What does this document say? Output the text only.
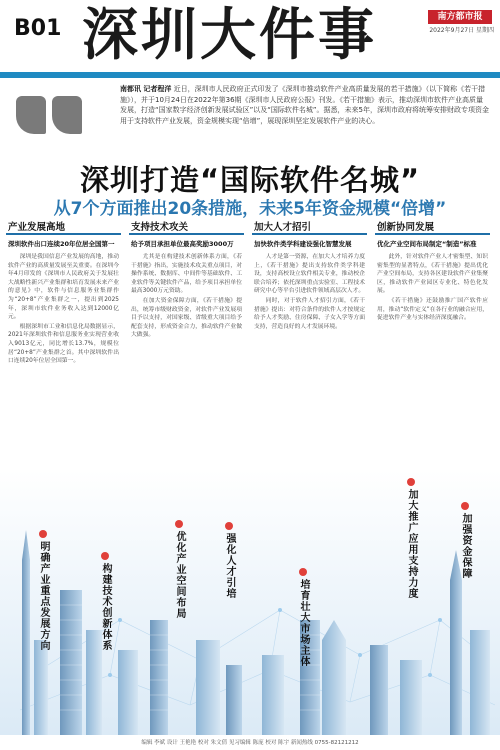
B01 深圳大件事	南方都市报
2022年9月27日 星期四
南都讯 记者程洋 近日，深圳市人民政府正式印发了《深圳市推动软件产业高质量发展的若干措施》（以下简称《若干措施》），并于10月24日在2022年第36期《深圳市人民政府公报》刊发。《若干措施》表示，推动深圳市软件产业高质量发展，打造“国家数字经济创新发展试验区”以及“国际软件名城”。据悉，未来5年，深圳市政府将统筹安排财政专项资金用于支持软件产业发展，资金规模实现“倍增”，展现深圳坚定发展软件产业的决心。
深圳打造“国际软件名城”
从7个方面推出20条措施，未来5年资金规模“倍增”
产业发展高地
深圳软件出口连续20年位居全国第一

深圳是我国信息产业发展的高地，推动软件产业的高质量发展至关重要。在深圳今年4月印发的《深圳市人民政府关于发展壮大战略性新兴产业集群和培育发展未来产业的意见》中，软件与信息服务业集群作为“20+8”产业集群之一，提出到2025年，深圳市软件业务收入达到12000亿元。

根据深圳市工业和信息化局数据显示，2021年深圳软件和信息服务业实现营业收入9013亿元，同比增长13.7%，规模位居“20+8”产业集群之首。其中深圳软件出口连续20年位居全国第一。

支持技术攻关
给予项目承担单位最高奖励3000万

尤其是在构建技术创新体系方面，《若干措施》指出，实施技术攻关重点项目，对操作系统、数据库、中间件等基础软件、工业软件等关键软件产品，给予项目承担单位最高3000万元资助。

在加大资金保障方面，《若干措施》提出，统筹市级财政资金，对软件产业发展项目予以支持，对国家级、省级重大项目给予配套支持，形成资金合力，推动软件产业做大做强。

加大人才招引
加快软件类学科建设强化智慧发展

人才是第一资源，在加大人才培养力度上，《若干措施》提出支持软件类学科建设，支持高校设立软件相关专业，推动校企联合培养；依托深圳重点实验室、工程技术研究中心等平台引进软件领域高层次人才。

同时，对于软件人才招引方面，《若干措施》提出：对符合条件的软件人才按规定给予人才奖励、住房保障、子女入学等方面支持，营造良好的人才发展环境。

创新协同发展
优化产业空间布局制定“制造”标准

此外，针对软件产业人才密集型、知识密集型的显著特点，《若干措施》提出优化产业空间布局，支持各区建设软件产业集聚区，推动软件产业园区专业化、特色化发展。

《若干措施》还鼓励推广国产软件应用，推动“软件定义”在各行业的融合应用，促进软件产业与实体经济深度融合。

明确产业重点发展方向	构建技术创新体系	优化产业空间布局	强化人才引培
培育壮大市场主体
加大推广应用支持力度	加强资金保障
编辑 李斌 设计 王艳艳 校对 朱文倩 见习编辑 陈庞 校对 陈宇 新闻热线 0755-82121212
